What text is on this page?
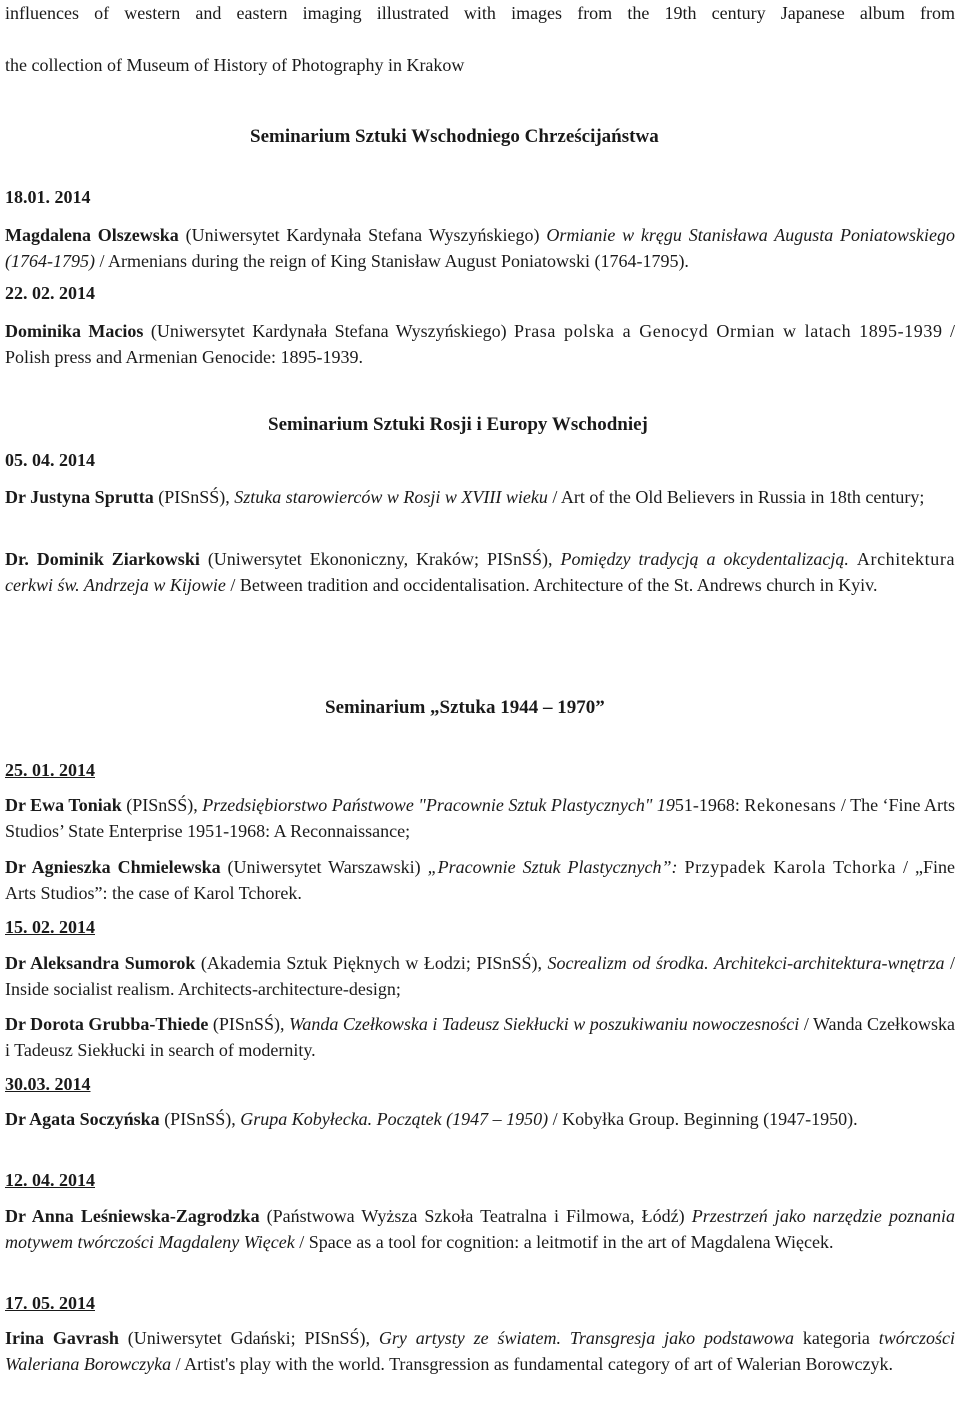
influences of western and eastern imaging illustrated with images from the 19th century Japanese album from

the collection of Museum of History of Photography in Krakow

Seminarium Sztuki Wschodniego Chrześcijaństwa

18.01. 2014

Magdalena Olszewska (Uniwersytet Kardynała Stefana Wyszyńskiego) Ormianie w kręgu Stanisława Augusta Poniatowskiego (1764-1795) / Armenians during the reign of King Stanisław August Poniatowski (1764-1795).

22. 02. 2014

Dominika Macios (Uniwersytet Kardynała Stefana Wyszyńskiego) Prasa polska a Genocyd Ormian w latach 1895-1939 / Polish press and Armenian Genocide: 1895-1939.

Seminarium Sztuki Rosji i Europy Wschodniej

05. 04. 2014

Dr Justyna Sprutta (PISnSŚ), Sztuka starowierców w Rosji w XVIII wieku / Art of the Old Believers in Russia in 18th century;

Dr. Dominik Ziarkowski (Uniwersytet Ekononiczny, Kraków; PISnSŚ), Pomiędzy tradycją a okcydentalizacją. Architektura cerkwi św. Andrzeja w Kijowie / Between tradition and occidentalisation. Architecture of the St. Andrews church in Kyiv.

Seminarium „Sztuka 1944 – 1970”

25. 01. 2014

Dr Ewa Toniak (PISnSŚ), Przedsiębiorstwo Państwowe "Pracownie Sztuk Plastycznych" 1951-1968: Rekonesans / The ‘Fine Arts Studios’ State Enterprise 1951-1968: A Reconnaissance;

Dr Agnieszka Chmielewska (Uniwersytet Warszawski) „Pracownie Sztuk Plastycznych”: Przypadek Karola Tchorka / „Fine Arts Studios”: the case of Karol Tchorek.

15. 02. 2014

Dr Aleksandra Sumorok (Akademia Sztuk Pięknych w Łodzi; PISnSŚ), Socrealizm od środka. Architekci-architektura-wnętrza / Inside socialist realism. Architects-architecture-design;

Dr Dorota Grubba-Thiede (PISnSŚ), Wanda Czełkowska i Tadeusz Siekłucki w poszukiwaniu nowoczesności / Wanda Czełkowska i Tadeusz Siekłucki in search of modernity.

30.03. 2014

Dr Agata Soczyńska (PISnSŚ), Grupa Kobyłecka. Początek (1947 – 1950) / Kobyłka Group. Beginning (1947-1950).

12. 04. 2014

Dr Anna Leśniewska-Zagrodzka (Państwowa Wyższa Szkoła Teatralna i Filmowa, Łódź) Przestrzeń jako narzędzie poznania motywem twórczości Magdaleny Więcek / Space as a tool for cognition: a leitmotif in the art of Magdalena Więcek.

17. 05. 2014

Irina Gavrash (Uniwersytet Gdański; PISnSŚ), Gry artysty ze światem. Transgresja jako podstawowa kategoria twórczości Waleriana Borowczyka / Artist's play with the world. Transgression as fundamental category of art of Walerian Borowczyk.
